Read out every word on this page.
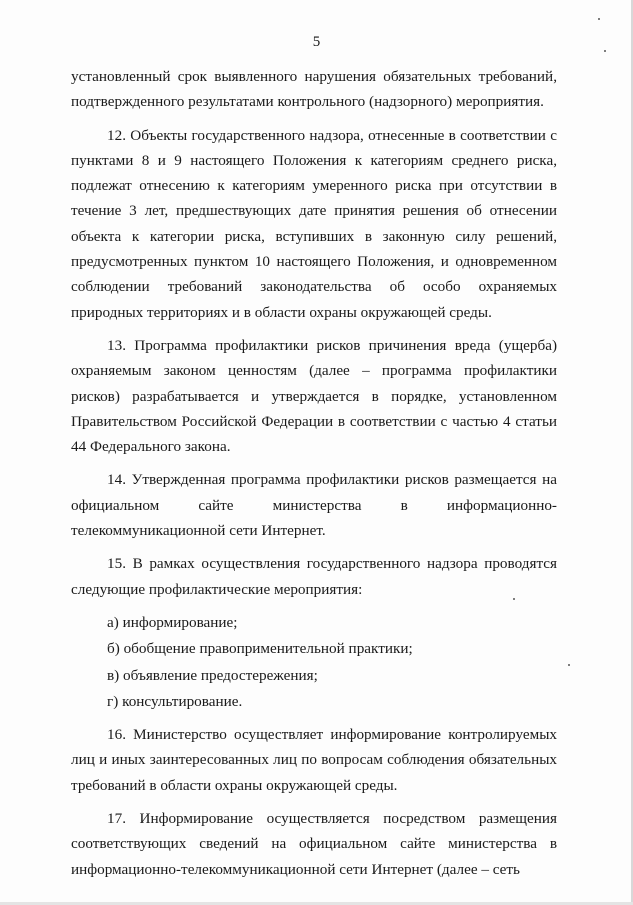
5

установленный срок выявленного нарушения обязательных требований, подтвержденного результатами контрольного (надзорного) мероприятия.

12. Объекты государственного надзора, отнесенные в соответствии с пунктами 8 и 9 настоящего Положения к категориям среднего риска, подлежат отнесению к категориям умеренного риска при отсутствии в течение 3 лет, предшествующих дате принятия решения об отнесении объекта к категории риска, вступивших в законную силу решений, предусмотренных пунктом 10 настоящего Положения, и одновременном соблюдении требований законодательства об особо охраняемых природных территориях и в области охраны окружающей среды.

13. Программа профилактики рисков причинения вреда (ущерба) охраняемым законом ценностям (далее – программа профилактики рисков) разрабатывается и утверждается в порядке, установленном Правительством Российской Федерации в соответствии с частью 4 статьи 44 Федерального закона.

14. Утвержденная программа профилактики рисков размещается на официальном сайте министерства в информационно-телекоммуникационной сети Интернет.

15. В рамках осуществления государственного надзора проводятся следующие профилактические мероприятия:

а) информирование;

б) обобщение правоприменительной практики;

в) объявление предостережения;

г) консультирование.

16. Министерство осуществляет информирование контролируемых лиц и иных заинтересованных лиц по вопросам соблюдения обязательных требований в области охраны окружающей среды.

17. Информирование осуществляется посредством размещения соответствующих сведений на официальном сайте министерства в информационно-телекоммуникационной сети Интернет (далее – сеть
